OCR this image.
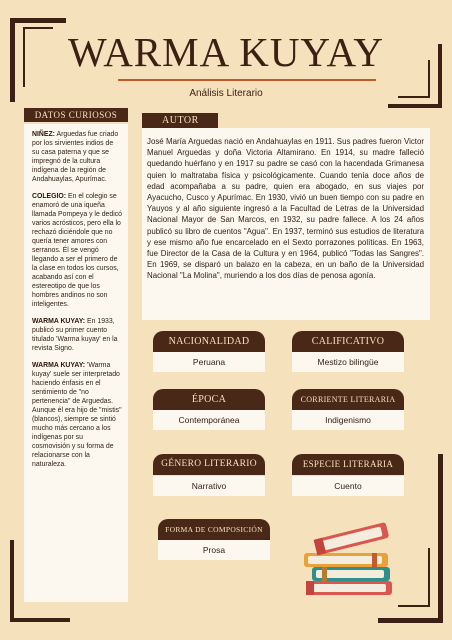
WARMA KUYAY
Análisis Literario
DATOS CURIOSOS

NIÑEZ: Arguedas fue criado por los sirvientes indios de su casa paterna y que se impregnó de la cultura indígena de la región de Andahuaylas, Apurímac.

COLEGIO: En el colegio se enamoró de una iqueña llamada Pompeya y le dedicó varios acrósticos, pero ella lo rechazó diciéndole que no quería tener amores con serranos. Él se vengó llegando a ser el primero de la clase en todos los cursos, acabando así con el estereotipo de que los hombres andinos no son inteligentes.

WARMA KUYAY: En 1933, publicó su primer cuento titulado 'Warma kuyay' en la revista Signo.

WARMA KUYAY: 'Warma kuyay' suele ser interpretado haciendo énfasis en el sentimiento de "no pertenencia" de Arguedas. Aunque él era hijo de "mistis" (blancos), siempre se sintió mucho más cercano a los indígenas por su cosmovisión y su forma de relacionarse con la naturaleza.

AUTOR
José María Arguedas nació en Andahuaylas en 1911. Sus padres fueron Victor Manuel Arguedas y doña Victoria Altamirano. En 1914, su madre falleció quedando huérfano y en 1917 su padre se casó con la hacendada Grimanesa quien lo maltrataba física y psicológicamente. Cuando tenía doce años de edad acompañaba a su padre, quien era abogado, en sus viajes por Ayacucho, Cusco y Apurímac. En 1930, vivió un buen tiempo con su padre en Yauyos y al año siguiente ingresó a la Facultad de Letras de la Universidad Nacional Mayor de San Marcos, en 1932, su padre fallece. A los 24 años publicó su libro de cuentos "Agua". En 1937, terminó sus estudios de literatura y ese mismo año fue encarcelado en el Sexto porrazones políticas. En 1963, fue Director de la Casa de la Cultura y en 1964, publicó "Todas las Sangres". En 1969, se disparó un balazo en la cabeza, en un baño de la Universidad Nacional "La Molina", muriendo a los dos días de penosa agonía.
NACIONALIDAD
Peruana
CALIFICATIVO
Mestizo bilingüe
ÉPOCA
Contemporánea
CORRIENTE LITERARIA
Indigenismo
GÉNERO LITERARIO
Narrativo
ESPECIE LITERARIA
Cuento
FORMA DE COMPOSICIÓN
Prosa
